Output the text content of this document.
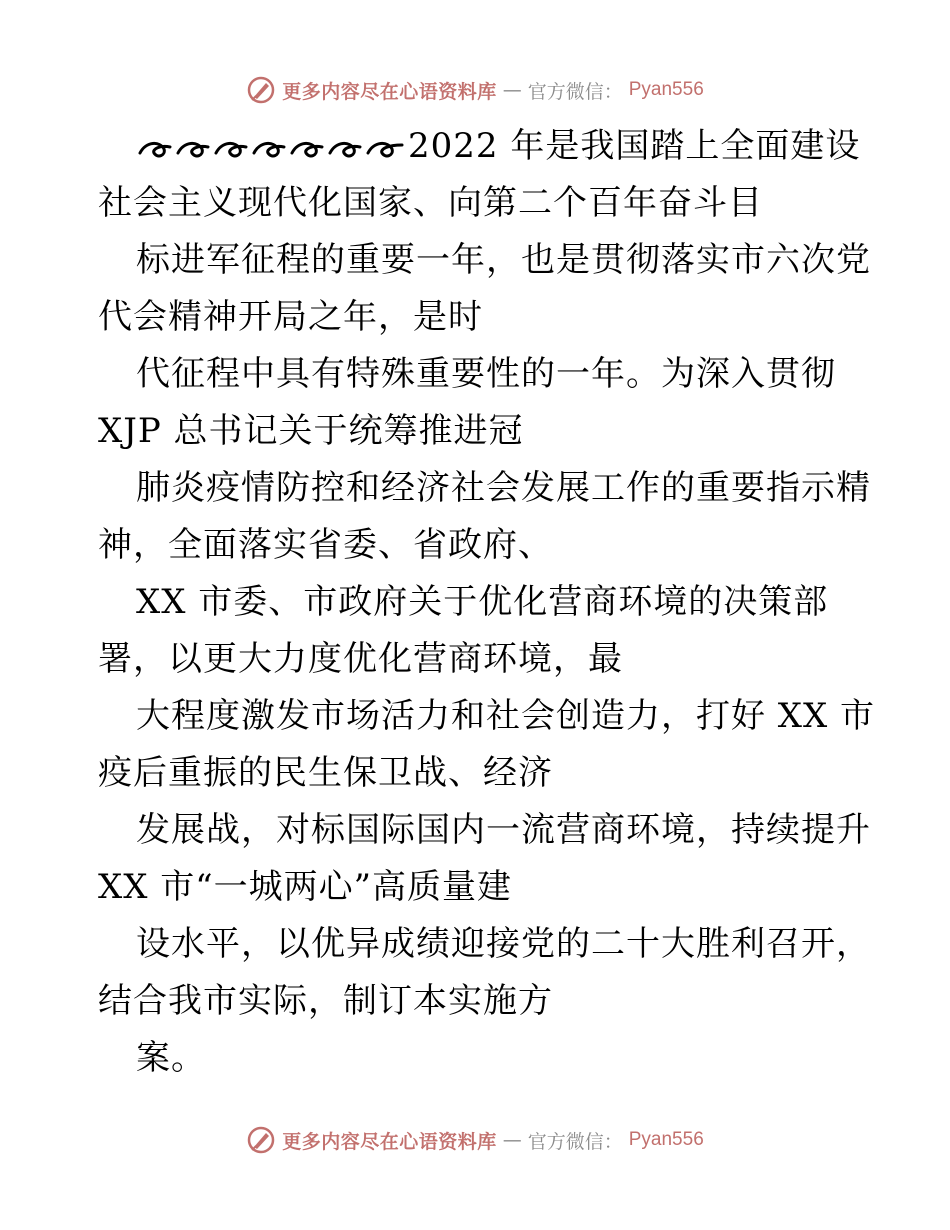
更多内容尽在心语资料库 — 官方微信： Pyan556
2022 年是我国踏上全面建设
社会主义现代化国家、向第二个百年奋斗目
标进军征程的重要一年，也是贯彻落实市六次党
代会精神开局之年，是时
代征程中具有特殊重要性的一年。为深入贯彻
XJP 总书记关于统筹推进冠
肺炎疫情防控和经济社会发展工作的重要指示精
神，全面落实省委、省政府、
XX 市委、市政府关于优化营商环境的决策部
署，以更大力度优化营商环境，最
大程度激发市场活力和社会创造力，打好 XX 市
疫后重振的民生保卫战、经济
发展战，对标国际国内一流营商环境，持续提升
XX 市“一城两心”高质量建
设水平，以优异成绩迎接党的二十大胜利召开，
结合我市实际，制订本实施方
案。
更多内容尽在心语资料库 — 官方微信： Pyan556
